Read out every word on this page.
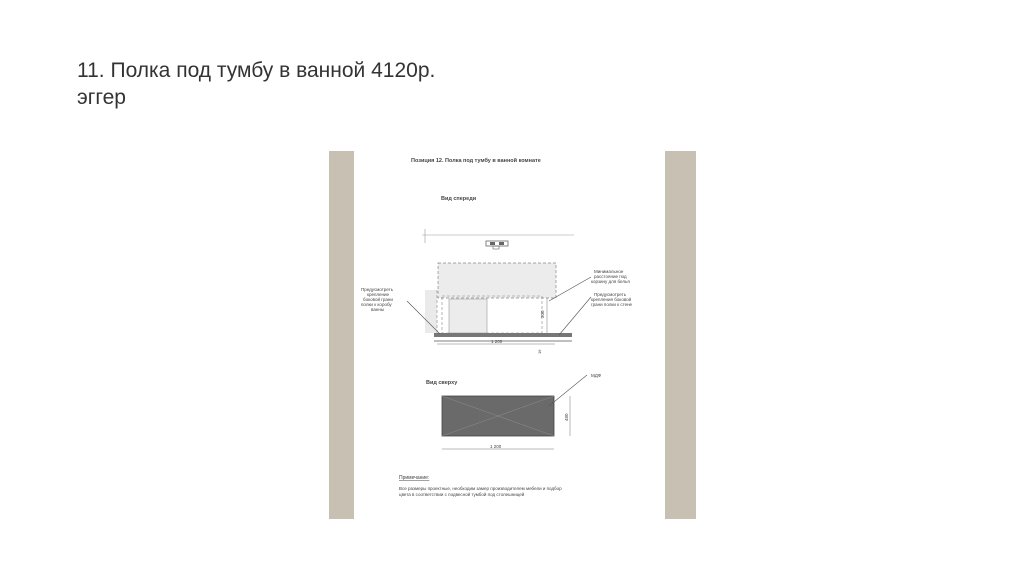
11. Полка под тумбу в ванной 4120р.
эггер
Позиция 12. Полка под тумбу в ванной комнате
Вид спереди
1 200
300
16
Предусмотреть
крепление
боковой грани
полки к коробу
ванны
Минимальное
расстояние под
корзину для белья
Предусмотреть
крепления боковой
грани полки к стене
Вид сверху
МДФ
480
1 200
Примечание:
Все размеры проектные, необходим замер производителем мебели и подбор
цвета в соответствии с подвесной тумбой под столешницей
